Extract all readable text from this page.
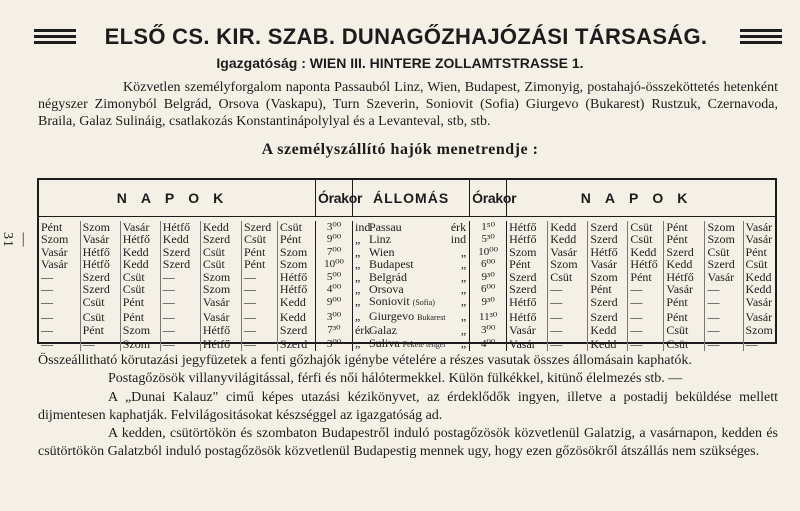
— 31
ELSŐ CS. KIR. SZAB. DUNAGŐZHAJÓZÁSI TÁRSASÁG.
Igazgatóság : WIEN III. HINTERE ZOLLAMTSTRASSE 1.

Közvetlen személyforgalom naponta Passauból Linz, Wien, Budapest, Zimonyig, postahajó-összeköttetés hetenként négyszer Zimonyból Belgrád, Orsova (Vaskapu), Turn Szeverin, Soniovit (Sofia) Giurgevo (Bukarest) Rustzuk, Czernavoda, Braila, Galaz Sulináig, csatlakozás Konstantinápolylyal és a Levanteval, stb, stb.

A személyszállító hajók menetrendje :
NAPOK							Órakor	ÁLLOMÁS	Órakor	NAPOK						

Pént	Szom	Vasár	Hétfő	Kedd	Szerd	Csüt	3⁰⁰	indPassau érk	1⁵⁰	Hétfő	Kedd	Szerd	Csüt	Pént	Szom	Vasár
Szom	Vasár	Hétfő	Kedd	Szerd	Csüt	Pént	9⁰⁰	„ Linz ind	5³⁰	Hétfő	Kedd	Szerd	Csüt	Pént	Szom	Vasár
Vasár	Hétfő	Kedd	Szerd	Csüt	Pént	Szom	7⁰⁰	„ Wien „	10⁰⁰	Szom	Vasár	Hétfő	Kedd	Szerd	Csüt	Pént
Vasár	Hétfő	Kedd	Szerd	Csüt	Pént	Szom	10⁰⁰	„ Budapest „	6⁰⁰	Pént	Szom	Vasár	Hétfő	Kedd	Szerd	Csüt
—	Szerd	Csüt	—	Szom	—	Hétfő	5⁰⁰	„ Belgrád „	9³⁰	Szerd	Csüt	Szom	Pént	Hétfő	Vasár	Kedd
—	Szerd	Csüt	—	Szom	—	Hétfő	4⁰⁰	„ Orsova „	6⁰⁰	Szerd	—	Pént	—	Vasár	—	Kedd
—	Csüt	Pént	—	Vasár	—	Kedd	9⁰⁰	„ Soniovit (Sofia) „	9³⁰	Hétfő	—	Szerd	—	Pént	—	Vasár
—	Csüt	Pént	—	Vasár	—	Kedd	3⁰⁰	„ Giurgevo Bukarest „	11³⁰	Hétfő	—	Szerd	—	Pént	—	Vasár
—	Pént	Szom	—	Hétfő	—	Szerd	7³⁰	érkGalaz „	3⁰⁰	Vasár	—	Kedd	—	Csüt	—	Szom
—	—	Szom	—	Hétfő	—	Szerd	3⁰⁰	„ Suliva Fekete tenger „	4⁰⁰	Vasár	—	Kedd	—	Csüt	—	—

Összeállitható körutazási jegyfüzetek a fenti gőzhajók igénybe vételére a részes vasutak összes állomásain kaphatók.

Postagőzösök villanyvilágitással, férfi és női hálótermekkel. Külön fülkékkel, kitünő élelmezés stb. —

A „Dunai Kalauz" cimű képes utazási kézikönyvet, az érdeklődők ingyen, illetve a postadij beküldése mellett dijmentesen kaphatják. Felvilágositásokat készséggel az igazgatóság ad.

A kedden, csütörtökön és szombaton Budapestről induló postagőzösök közvetlenül Galatzig, a vasárnapon, kedden és csütörtökön Galatzból induló postagőzösök közvetlenül Budapestig mennek ugy, hogy ezen gőzösökről átszállás nem szükséges.
